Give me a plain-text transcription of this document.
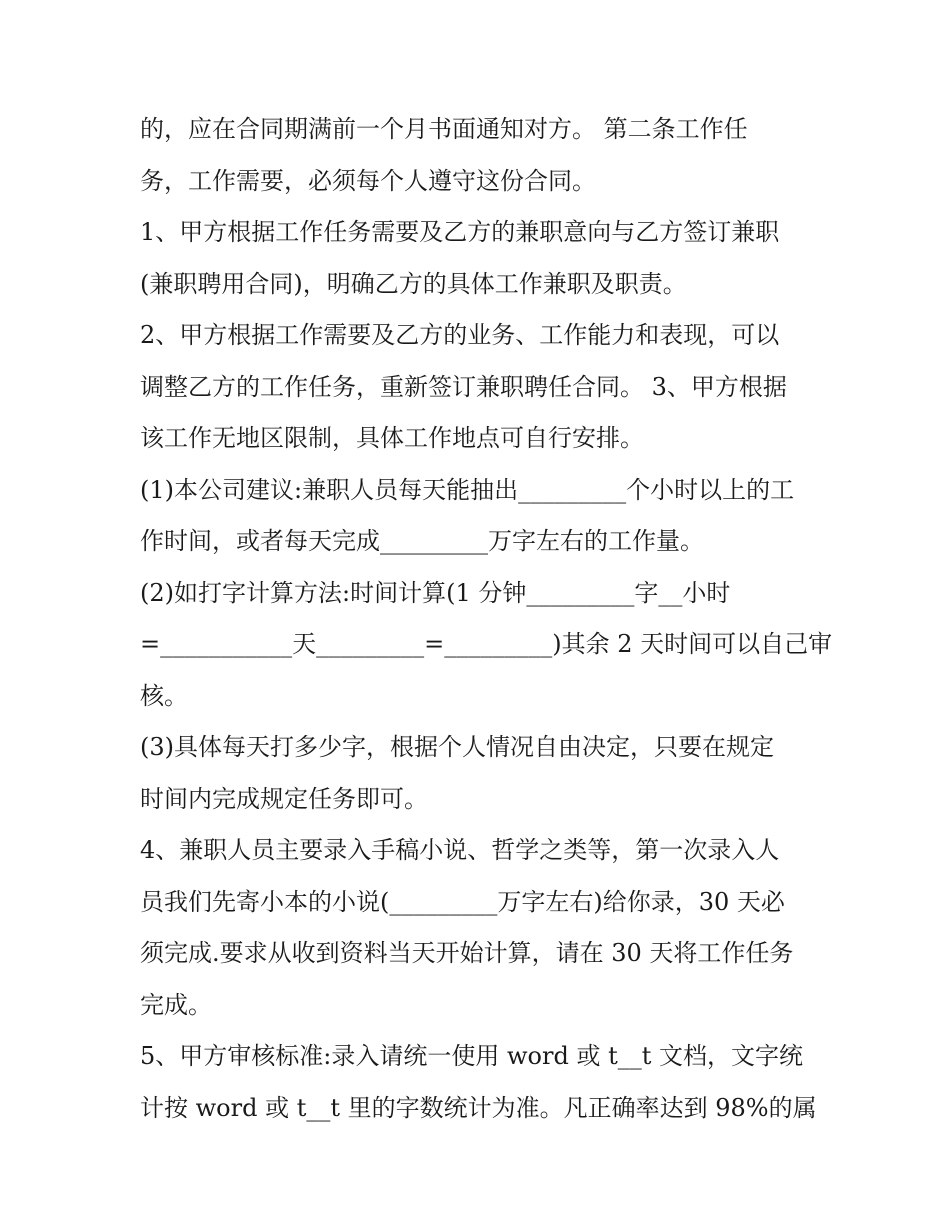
的，应在合同期满前一个月书面通知对方。 第二条工作任

务，工作需要，必须每个人遵守这份合同。

1、甲方根据工作任务需要及乙方的兼职意向与乙方签订兼职

(兼职聘用合同)，明确乙方的具体工作兼职及职责。

2、甲方根据工作需要及乙方的业务、工作能力和表现，可以

调整乙方的工作任务，重新签订兼职聘任合同。 3、甲方根据

该工作无地区限制，具体工作地点可自行安排。

(1)本公司建议:兼职人员每天能抽出_________个小时以上的工

作时间，或者每天完成_________万字左右的工作量。

(2)如打字计算方法:时间计算(1 分钟_________字__小时

=___________天_________=_________)其余 2 天时间可以自己审

核。

(3)具体每天打多少字，根据个人情况自由决定，只要在规定

时间内完成规定任务即可。

4、兼职人员主要录入手稿小说、哲学之类等，第一次录入人

员我们先寄小本的小说(_________万字左右)给你录，30 天必

须完成.要求从收到资料当天开始计算，请在 30 天将工作任务

完成。

5、甲方审核标准:录入请统一使用 word 或 t__t 文档，文字统

计按 word 或 t__t 里的字数统计为准。凡正确率达到 98%的属
